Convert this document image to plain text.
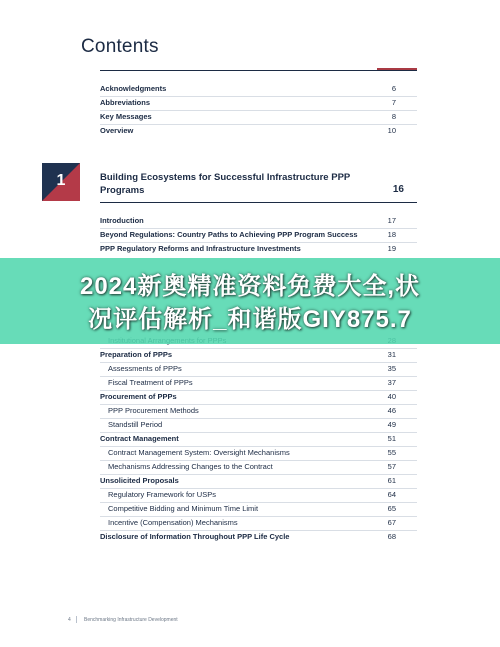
Contents
Acknowledgments	6
Abbreviations	7
Key Messages	8
Overview	10
1	Building Ecosystems for Successful Infrastructure PPP Programs	16
Introduction	17
Beyond Regulations: Country Paths to Achieving PPP Program Success	18
PPP Regulatory Reforms and Infrastructure Investments	19
Preparation of PPPs	31
Assessments of PPPs	35
Fiscal Treatment of PPPs	37
Procurement of PPPs	40
PPP Procurement Methods	46
Standstill Period	49
Contract Management	51
Contract Management System: Oversight Mechanisms	55
Mechanisms Addressing Changes to the Contract	57
Unsolicited Proposals	61
Regulatory Framework for USPs	64
Competitive Bidding and Minimum Time Limit	65
Incentive (Compensation) Mechanisms	67
Disclosure of Information Throughout PPP Life Cycle	68
2024新奥精准资料免费大全,状
况评估解析_和谐版GIY875.7
4	Benchmarking Infrastructure Development
